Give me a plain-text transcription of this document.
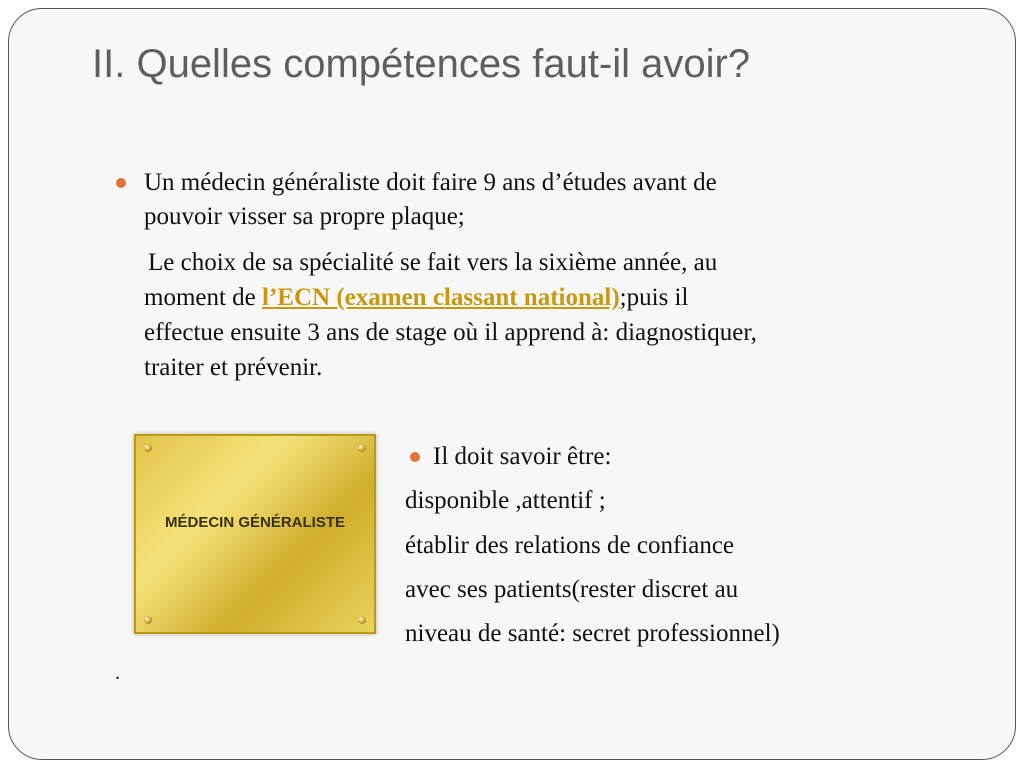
II. Quelles compétences faut-il avoir?
Un médecin généraliste doit faire 9 ans d’études avant de
pouvoir visser sa propre plaque;
Le choix de sa spécialité se fait vers la sixième année, au
moment de l’ECN (examen classant national);puis il
effectue ensuite 3 ans de stage où il apprend à: diagnostiquer,
traiter et prévenir.
MÉDECIN GÉNÉRALISTE
Il doit savoir être:
disponible ,attentif ;
établir des relations de confiance
avec ses patients(rester discret au
niveau de santé: secret professionnel)
.
